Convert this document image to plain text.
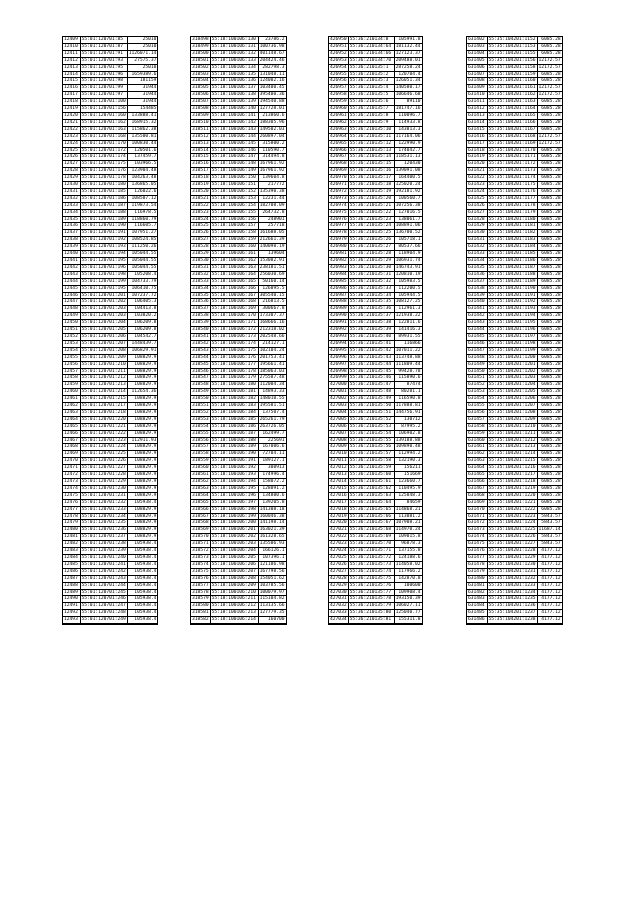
12409	55:01:120701:85	25010
12410	55:01:120701:87	25010
12411	55:01:120701:91	1126071.14
12412	55:01:120701:93	27575.37
12413	55:01:120701:95	25010
12414	55:01:120701:96	1659389.6
12415	55:01:120701:98	181159
12416	55:01:120701:99	31944
12417	55:01:120701:97	31944
12418	55:01:120701:100	31944
12419	55:01:120701:156	154485
12420	55:01:120701:160	133888.41
12421	55:01:120701:162	168915.32
12422	55:01:120701:163	115862.38
12423	55:01:120701:168	135500.81
12424	55:01:120701:170	100830.44
12425	55:01:120701:172	120501.6
12426	55:01:120701:174	137459.7
12427	55:01:120701:175	103966.5
12428	55:01:120701:176	123904.48
12429	55:01:120701:178	104263.48
12430	55:01:120701:180	136865.05
12431	55:01:120701:185	126022.6
12432	55:01:120701:186	108507.12
12433	55:01:120701:187	119873.54
12434	55:01:120701:188	116978.5
12435	55:01:120701:189	118860.79
12436	55:01:120701:190	116605.7
12437	55:01:120701:191	107951.27
12438	55:01:120701:192	108524.85
12439	55:01:120701:193	111250.26
12440	55:01:120701:194	105044.55
12441	55:01:120701:195	105044.55
12442	55:01:120701:196	105044.55
12443	55:01:120701:198	105208.4
12444	55:01:120701:199	104733.79
12445	55:01:120701:195	106410.75
12446	55:01:120701:201	107237.72
12447	55:01:120701:202	106405.3
12448	55:01:120701:203	104413.8
12449	55:01:120701:203	103820.2
12450	55:01:120701:204	106209.8
12451	55:01:120701:205	106209.8
12452	55:01:120701:206	104542.7
12453	55:01:120701:207	1448439.7
12454	55:01:120701:208	106829.91
12455	55:01:120701:209	108829.9
12456	55:01:120701:210	108829.9
12457	55:01:120701:211	108829.9
12458	55:01:120701:212	108829.9
12459	55:01:120701:213	108829.9
12460	55:01:120701:214	112654.36
12461	55:01:120701:215	108829.9
12462	55:01:120701:217	108829.9
12463	55:01:120701:218	108829.9
12464	55:01:120701:220	108829.9
12465	55:01:120701:221	108829.9
12466	55:01:120701:222	108829.9
12467	55:01:120701:223	112911.93
12468	55:01:120701:224	108829.9
12469	55:01:120701:225	108829.9
12470	55:01:120701:226	108829.9
12471	55:01:120701:227	108829.9
12472	55:01:120701:228	108829.9
12473	55:01:120701:229	108829.9
12474	55:01:120701:230	108829.9
12475	55:01:120701:231	108829.9
12476	55:01:120701:232	105938.4
12477	55:01:120701:233	108829.9
12478	55:01:120701:234	108829.9
12479	55:01:120701:235	108829.9
12480	55:01:120701:236	108829.9
12481	55:01:120701:237	108829.9
12482	55:01:120701:238	105938.4
12483	55:01:120701:239	105938.4
12484	55:01:120701:240	105938.4
12485	55:01:120701:241	105938.4
12486	55:01:120701:242	105938.4
12487	55:01:120701:243	105938.4
12488	55:01:120701:244	105938.4
12489	55:01:120701:245	105938.4
12490	55:01:120701:246	105938.4
12491	55:01:120701:247	105938.4
12492	55:01:120701:248	105938.4
12493	55:01:120701:249	105938.4
318498	55:18:100106:130	23786.2
318499	55:18:100106:131	100736.98
318500	55:18:100106:132	401148.67
318501	55:18:100106:133	204424.46
318502	55:18:100106:134	282798.3
318503	55:18:100106:135	131048.11
318504	55:18:100106:136	124002.16
318505	55:18:100106:137	103400.45
318506	55:18:100106:138	395400.36
318507	55:18:100106:139	194540.88
318508	55:18:100106:140	127728.01
318509	55:18:100106:141	213860.6
318510	55:18:100106:142	188305.96
318511	55:18:100106:143	149502.03
318512	55:18:100106:144	260897.04
318513	55:18:100106:145	315800.2
318514	55:18:100106:146	110590.7
318515	55:18:100106:147	314494.8
318516	55:18:100106:148	167961.92
318517	55:18:100106:149	167961.92
318518	55:18:100106:150	139604.8
318519	55:18:100106:151	217772
318520	55:18:100106:152	135390.38
318521	55:18:100106:153	12231.44
318522	55:18:100106:154	182708.09
318523	55:18:100106:155	264732.8
318524	55:18:100106:156	248901
318525	55:18:100106:157	257718
318526	55:18:100106:158	161688.05
318527	55:18:100106:159	212661.39
318528	55:18:100106:160	140098.19
318529	55:18:100106:161	139604
318530	55:18:100106:162	153082.91
318531	55:18:100106:163	238181.51
318532	55:18:100106:164	256030.69
318533	55:18:100106:165	50160.14
318534	55:18:100106:166	126095.5
318535	55:18:100106:167	305540.15
318536	55:18:100106:168	216813.5
318537	55:18:100106:169	300667.8
318538	55:18:100106:170	173307.37
318539	55:18:100106:171	168666.16
318540	55:18:100106:172	212318.02
318541	55:18:100106:173	202548.66
318542	55:18:100106:174	214127.1
318543	55:18:100106:175	102104.24
318544	55:18:100106:176	201753.41
318545	55:18:100106:177	195661.41
318546	55:18:100106:178	185063.03
318547	55:18:100106:179	275587.48
318548	55:18:100106:180	112004.34
318549	55:18:100106:181	14893.33
318550	55:18:100106:182	148010.55
318551	55:18:100106:183	195581.51
318552	55:18:100106:184	137507.4
318553	55:18:100106:185	265261.79
318554	55:18:100106:186	263726.05
318555	55:18:100106:187	162499.7
318556	55:18:100106:188	225691
318557	55:18:100106:189	167006.6
318558	55:18:100106:190	72704.11
318559	55:18:100106:191	189127.1
318560	55:18:100106:192	300913
318561	55:18:100106:193	174996.4
318562	55:18:100106:194	158072.2
318563	55:18:100106:195	128091.2
318564	55:18:100106:196	134800.6
318565	55:18:100106:197	139205.8
318566	55:18:100106:198	141308.18
318567	55:18:100106:199	160046.38
318568	55:18:100106:200	141198.14
318569	55:18:100106:201	163021.39
318570	55:18:100106:202	161328.65
318571	55:18:100106:203	135506.93
318572	55:18:100106:204	166126.1
318573	55:18:100106:205	107396.1
318574	55:18:100106:206	121186.98
318575	55:18:100106:207	167798.56
318576	55:18:100106:208	154051.62
318577	55:18:100106:209	103785.56
318578	55:18:100106:210	100079.97
318579	55:18:100106:211	115104.82
318580	55:18:100106:212	113135.66
318581	55:18:100106:213	127779.35
318582	55:18:100106:214	160700
426950	55:36:210134:8	105991.8
426951	55:36:210134:64	181132.44
426952	55:36:210134:66	127123.37
426953	55:36:210134:70	209488.01
426954	55:36:210135:1	287258.24
426955	55:36:210135:2	120704.4
426956	55:36:210135:3	126051.34
426957	55:36:210135:4	140580.17
426958	55:36:210135:5	106646.68
426959	55:36:210135:6	89110
426960	55:36:210135:7	181747.16
426961	55:36:210135:8	110096.7
426962	55:36:210135:9	114933.8
426963	55:36:210135:10	143813.3
426964	55:36:210135:11	117164.06
426965	55:36:210135:12	122990.9
426966	55:36:210135:13	174042.7
426967	55:36:210135:14	118531.13
426968	55:36:210135:15	120430
426969	55:36:210135:16	139091.08
426970	55:36:210135:17	164400.5
426971	55:36:210135:18	125020.24
426972	55:36:210135:19	192181.92
426973	55:36:210135:20	100560.7
426974	55:36:210135:21	107256.38
426975	55:36:210135:22	127016.5
426976	55:36:210135:23	138061.7
426977	55:36:210135:24	108891.06
426978	55:36:210135:25	136700.52
426979	55:36:210135:26	105718.1
426980	55:36:210135:27	80537.66
426981	55:36:210135:28	118904.9
426982	55:36:210135:29	106931.74
426983	55:36:210135:30	146743.91
426984	55:36:210135:31	120810.19
426985	55:36:210135:32	105983.5
426986	55:36:210135:33	112200.5
426987	55:36:210135:34	105944.5
426988	55:36:210135:35	108127.25
426989	55:36:210135:36	112961.3
426990	55:36:210135:37	121938.22
426991	55:36:210135:38	122811.6
426992	55:36:210135:39	141416.3
426993	55:36:210135:40	89931.55
426994	55:36:210135:41	116866
426995	55:36:210135:42	107011.22
426996	55:36:210135:43	113748.88
426997	55:36:210135:44	111809.44
426998	55:36:210135:45	99428.78
426999	55:36:210135:46	115890.6
427000	55:36:210135:47	87474
427001	55:36:210135:48	80281.1
427002	55:36:210135:49	116590.8
427003	55:36:210135:50	117888.81
427004	55:36:210135:51	144756.91
427005	55:36:210135:52	130712
427006	55:36:210135:53	87995.2
427007	55:36:210135:54	106902.8
427008	55:36:210135:55	139188.88
427009	55:36:210135:56	109890.48
427010	55:36:210135:57	112994.2
427011	55:36:210135:58	132190.3
427012	55:36:210135:59	156211
427013	55:36:210135:60	151669
427014	55:36:210135:61	123660.7
427015	55:36:210135:62	110495.9
427016	55:36:210135:63	125048.3
427017	55:36:210135:64	84659
427018	55:36:210135:65	114868.21
427019	55:36:210135:66	113081.2
427020	55:36:210135:67	107908.21
427021	55:36:210135:68	114970.24
427022	55:36:210135:69	109015.8
427023	55:36:210135:70	96878.3
427024	55:36:210135:71	137155.8
427025	55:36:210135:72	124188.6
427026	55:36:210135:73	114058.02
427027	55:36:210135:74	117966.2
427028	55:36:210135:75	142870.8
427029	55:36:210135:76	100600
427030	55:36:210135:77	109908.4
427031	55:36:210135:78	193150.39
427032	55:36:210135:79	106027.11
427033	55:36:210135:80	125040.77
427034	55:36:210135:81	155311.8
631402	55:35:104201:1152	6085.28
631403	55:35:104201:1153	6085.28
631404	55:35:104201:1155	6085.28
631405	55:35:104201:1156	12172.57
631406	55:35:104201:1158	12172.57
631407	55:35:104201:1159	6085.28
631408	55:35:104201:1160	6085.28
631409	55:35:104201:1161	12172.57
631410	55:35:104201:1162	12172.57
631411	55:35:104201:1163	6085.28
631412	55:35:104201:1164	6085.28
631413	55:35:104201:1165	6085.28
631414	55:35:104201:1166	6085.28
631415	55:35:104201:1167	6085.28
631416	55:35:104201:1168	12172.57
631417	55:35:104201:1169	12172.57
631418	55:35:104201:1170	6085.28
631419	55:35:104201:1171	6085.28
631420	55:35:104201:1172	6085.28
631421	55:35:104201:1173	6085.28
631422	55:35:104201:1174	6085.28
631423	55:35:104201:1175	6085.28
631424	55:35:104201:1176	6085.28
631425	55:35:104201:1177	6085.28
631426	55:35:104201:1178	6085.28
631427	55:35:104201:1179	6085.28
631428	55:35:104201:1180	6085.28
631429	55:35:104201:1181	6085.28
631430	55:35:104201:1182	6085.28
631431	55:35:104201:1183	6085.28
631432	55:35:104201:1184	6085.28
631433	55:35:104201:1185	6085.28
631434	55:35:104201:1186	6085.28
631435	55:35:104201:1187	6085.28
631436	55:35:104201:1188	6085.28
631437	55:35:104201:1189	6085.28
631438	55:35:104201:1190	6085.28
631439	55:35:104201:1191	6085.28
631440	55:35:104201:1192	6085.28
631441	55:35:104201:1193	6085.28
631442	55:35:104201:1194	6085.28
631443	55:35:104201:1195	6085.28
631444	55:35:104201:1196	6085.28
631445	55:35:104201:1197	6085.28
631446	55:35:104201:1198	6085.28
631447	55:35:104201:1199	6085.28
631448	55:35:104201:1200	6085.28
631449	55:35:104201:1201	6085.28
631450	55:35:104201:1202	6085.28
631451	55:35:104201:1203	6085.28
631452	55:35:104201:1204	6085.28
631453	55:35:104201:1205	6085.28
631454	55:35:104201:1206	6085.28
631455	55:35:104201:1207	6085.28
631456	55:35:104201:1208	6085.28
631457	55:35:104201:1209	6085.28
631458	55:35:104201:1210	6085.28
631459	55:35:104201:1211	6085.28
631460	55:35:104201:1212	6085.28
631461	55:35:104201:1213	6085.28
631462	55:35:104201:1214	6085.28
631463	55:35:104201:1215	6085.28
631464	55:35:104201:1216	6085.28
631465	55:35:104201:1217	6085.28
631466	55:35:104201:1218	6085.28
631467	55:35:104201:1219	6085.28
631468	55:35:104201:1220	6085.28
631469	55:35:104201:1221	6085.28
631470	55:35:104201:1222	6085.28
631471	55:35:104201:1223	5843.57
631472	55:35:104201:1224	5843.57
631473	55:35:104201:1225	11687.14
631474	55:35:104201:1226	5843.57
631475	55:35:104201:1227	5843.57
631476	55:35:104201:1228	4177.12
631477	55:35:104201:1229	4177.12
631478	55:35:104201:1230	4177.12
631479	55:35:104201:1231	4177.12
631480	55:35:104201:1232	4177.12
631481	55:35:104201:1233	4177.12
631482	55:35:104201:1234	4177.12
631483	55:35:104201:1235	4177.12
631484	55:35:104201:1236	4177.12
631485	55:35:104201:1237	4177.12
631486	55:35:104201:1238	4177.12
